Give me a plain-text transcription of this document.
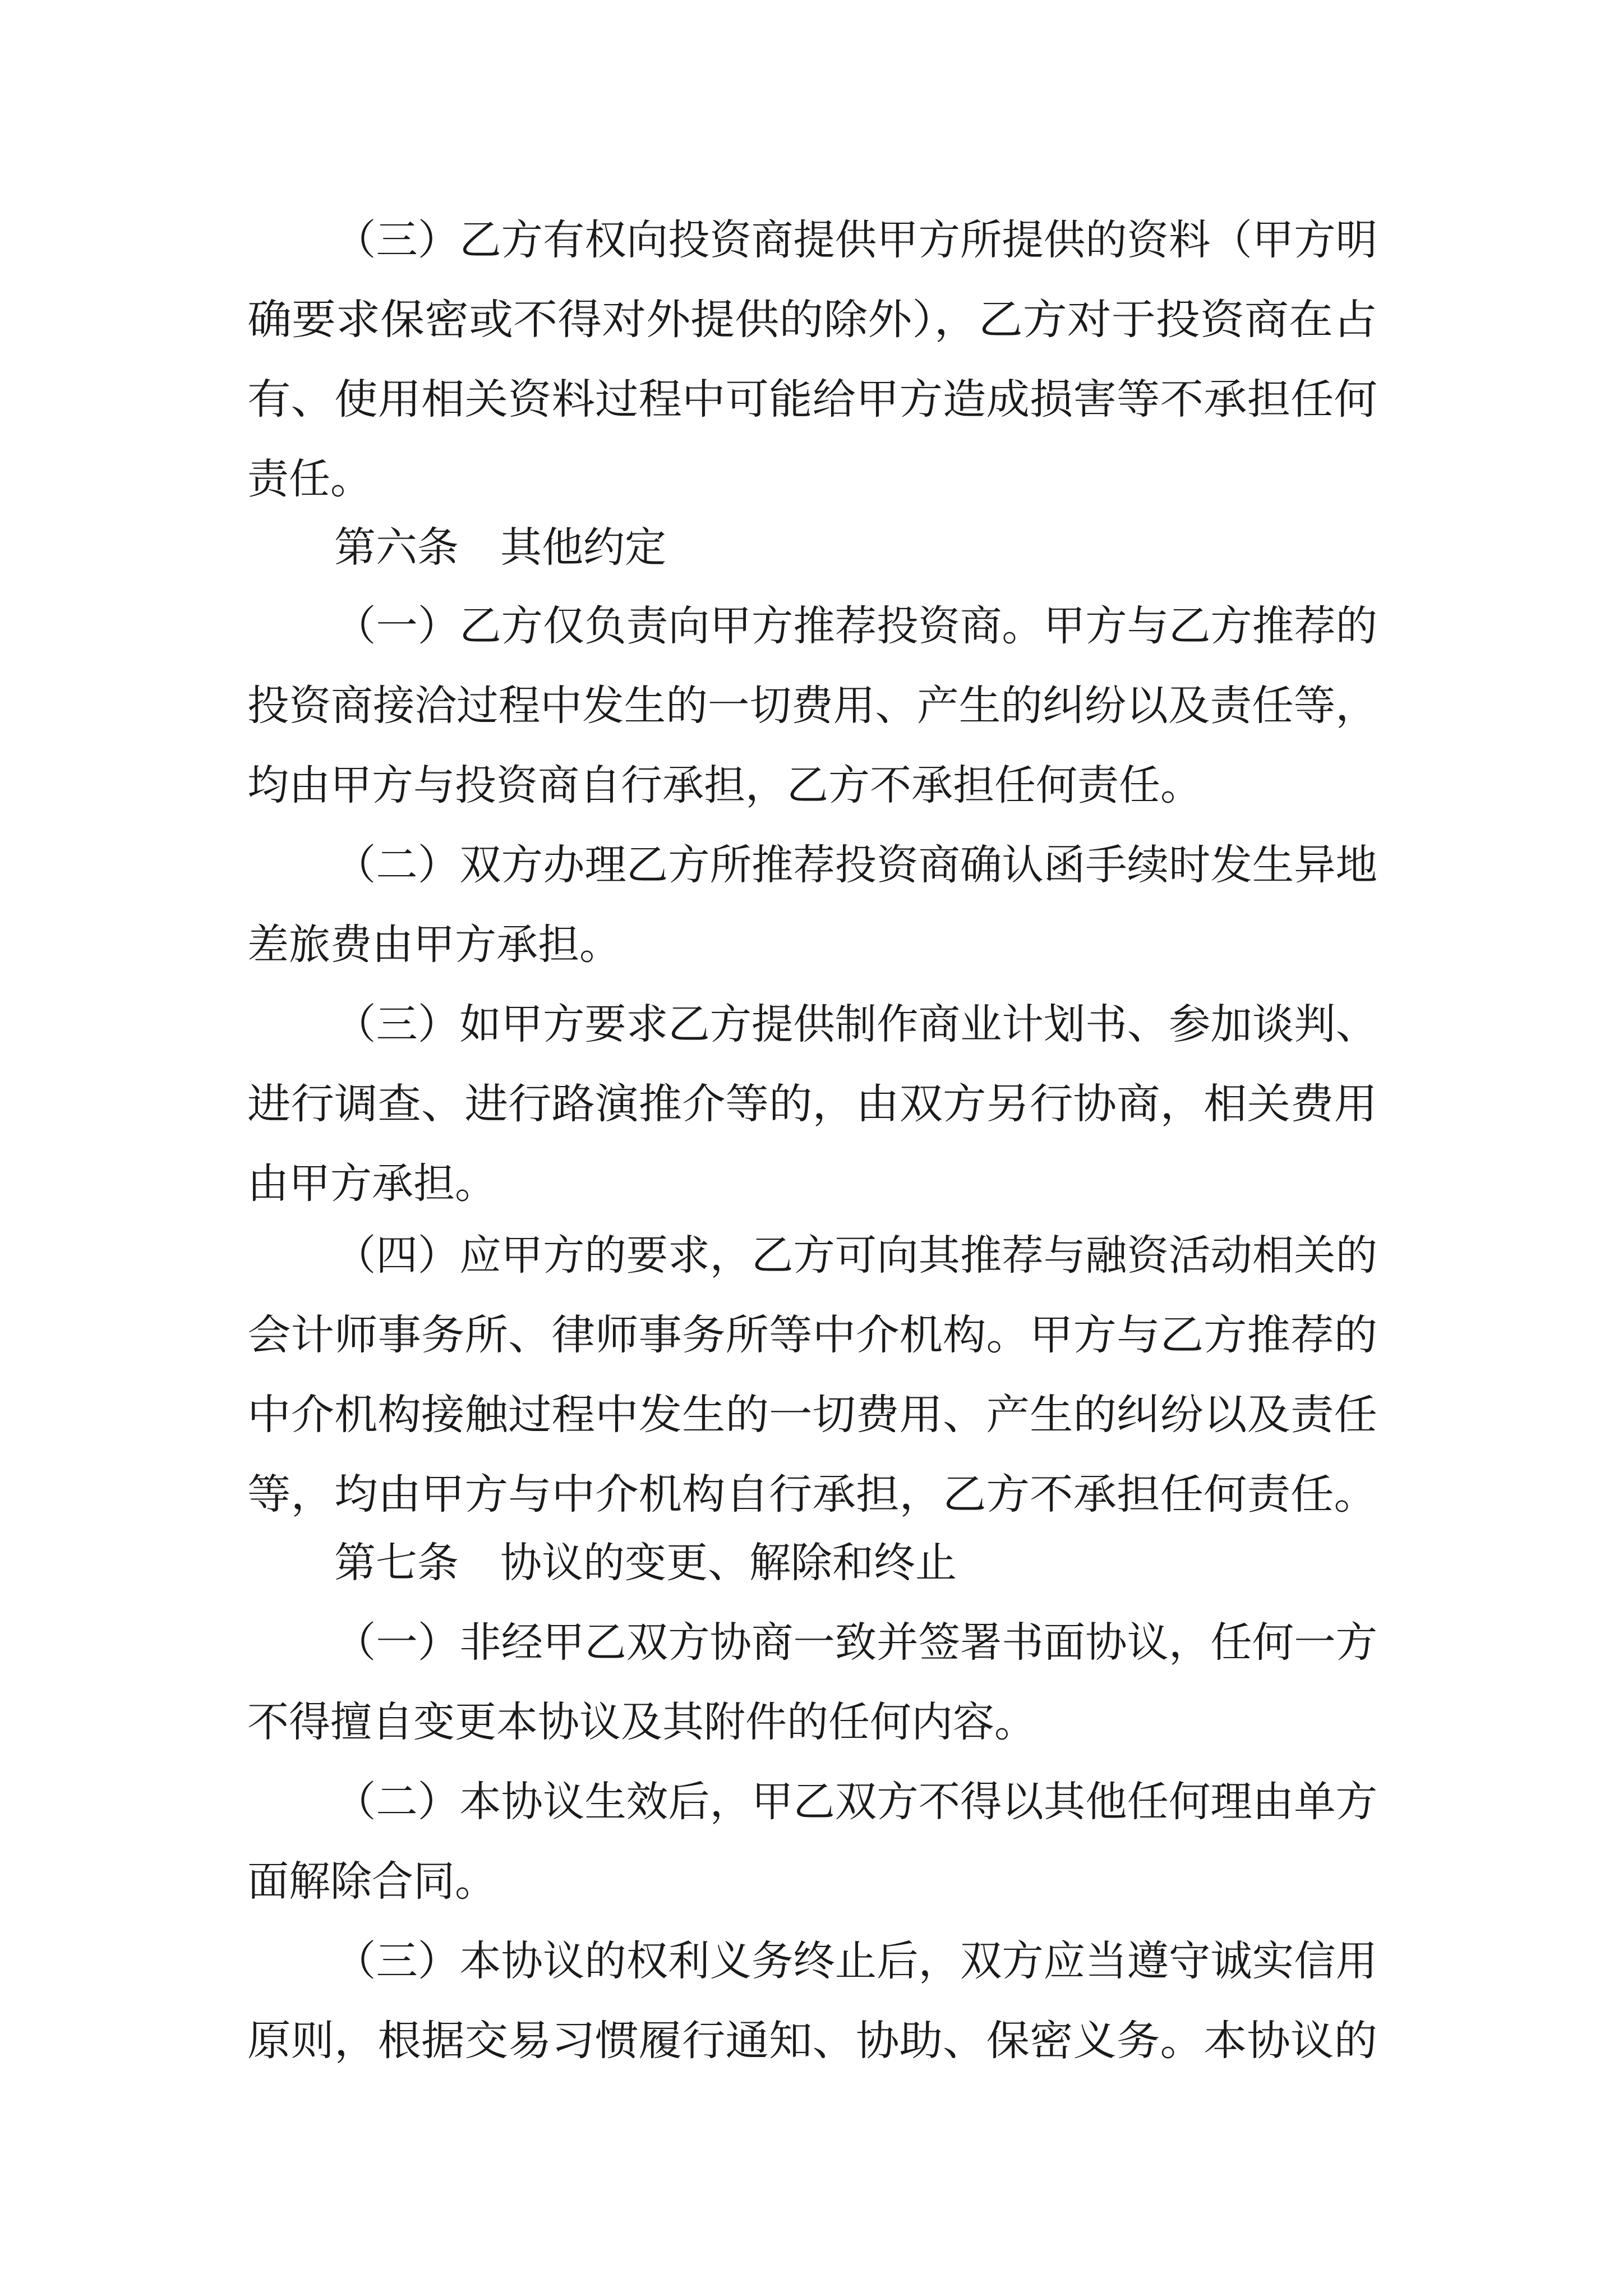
（三）乙方有权向投资商提供甲方所提供的资料（甲方明
确要求保密或不得对外提供的除外），乙方对于投资商在占
有、使用相关资料过程中可能给甲方造成损害等不承担任何
责任。
第六条　其他约定
（一）乙方仅负责向甲方推荐投资商。甲方与乙方推荐的
投资商接洽过程中发生的一切费用、产生的纠纷以及责任等，
均由甲方与投资商自行承担，乙方不承担任何责任。
（二）双方办理乙方所推荐投资商确认函手续时发生异地
差旅费由甲方承担。
（三）如甲方要求乙方提供制作商业计划书、参加谈判、
进行调查、进行路演推介等的，由双方另行协商，相关费用
由甲方承担。
（四）应甲方的要求，乙方可向其推荐与融资活动相关的
会计师事务所、律师事务所等中介机构。甲方与乙方推荐的
中介机构接触过程中发生的一切费用、产生的纠纷以及责任
等，均由甲方与中介机构自行承担，乙方不承担任何责任。
第七条　协议的变更、解除和终止
（一）非经甲乙双方协商一致并签署书面协议，任何一方
不得擅自变更本协议及其附件的任何内容。
（二）本协议生效后，甲乙双方不得以其他任何理由单方
面解除合同。
（三）本协议的权利义务终止后，双方应当遵守诚实信用
原则，根据交易习惯履行通知、协助、保密义务。本协议的
